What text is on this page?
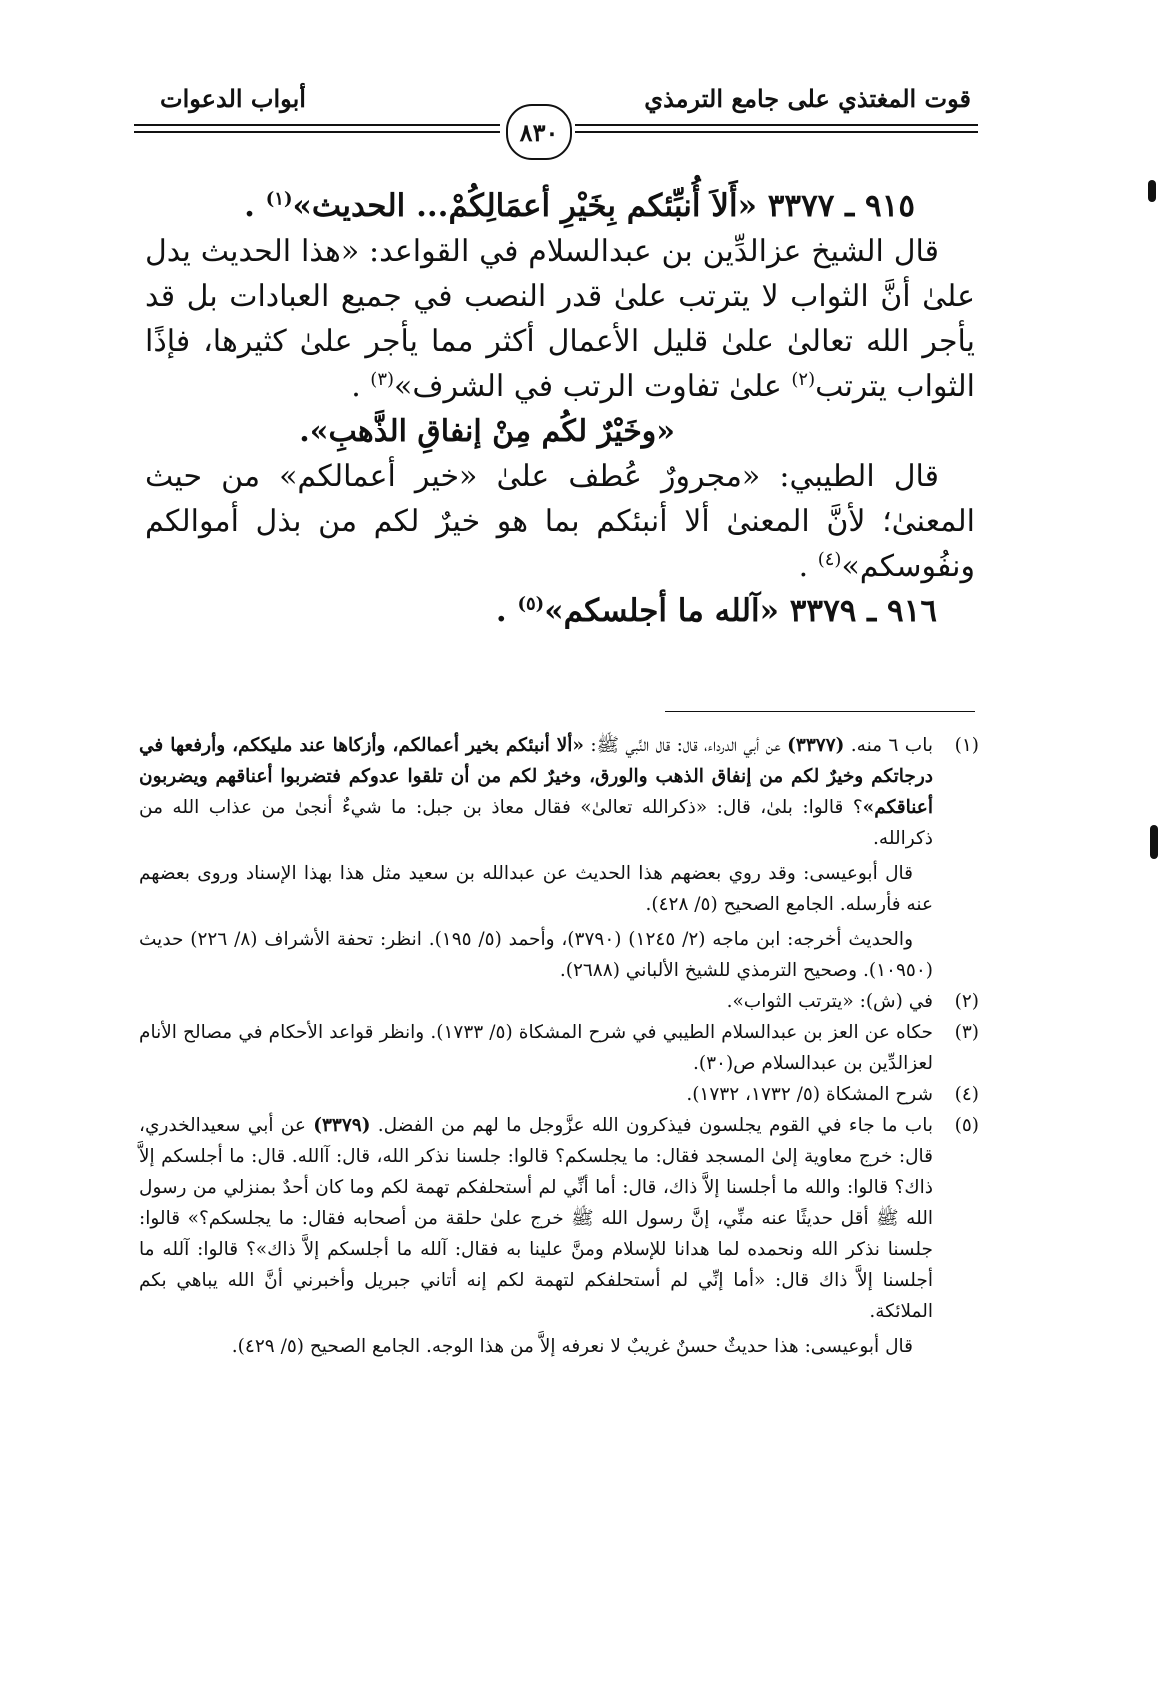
قوت المغتذي على جامع الترمذي
أبواب الدعوات
٨٣٠

٩١٥ ـ ٣٣٧٧ «أَلاَ أُنبِّئكم بِخَيْرِ أعمَالِكُمْ... الحديث»$^{(١)}$ .

قال الشيخ عزالدِّين بن عبدالسلام في القواعد: «هذا الحديث يدل علىٰ أنَّ الثواب لا يترتب علىٰ قدر النصب في جميع العبادات بل قد يأجر الله تعالىٰ علىٰ قليل الأعمال أكثر مما يأجر علىٰ كثيرها، فإذًا الثواب يترتب$^{(٢)}$ علىٰ تفاوت الرتب في الشرف»$^{(٣)}$ .

«وخَيْرٌ لكُم مِنْ إنفاقِ الذَّهبِ».

قال الطيبي: «مجرورٌ عُطف علىٰ «خير أعمالكم» من حيث المعنىٰ؛ لأنَّ المعنىٰ ألا أنبئكم بما هو خيرٌ لكم من بذل أموالكم ونفُوسكم»$^{(٤)}$ .

٩١٦ ـ ٣٣٧٩ «آلله ما أجلسكم»$^{(٥)}$ .

(١)

باب ٦ منه. (٣٣٧٧) عن أبي الدرداء، قال: قال النَّبي ﷺ: «ألا أنبئكم بخير أعمالكم، وأزكاها عند مليككم، وأرفعها في درجاتكم وخيرٌ لكم من إنفاق الذهب والورق، وخيرٌ لكم من أن تلقوا عدوكم فتضربوا أعناقهم ويضربون أعناقكم»؟ قالوا: بلىٰ، قال: «ذكرالله تعالىٰ» فقال معاذ بن جبل: ما شيءٌ أنجىٰ من عذاب الله من ذكرالله.

قال أبوعيسى: وقد روي بعضهم هذا الحديث عن عبدالله بن سعيد مثل هذا بهذا الإسناد وروى بعضهم عنه فأرسله. الجامع الصحيح (٥/ ٤٢٨).

والحديث أخرجه: ابن ماجه (٢/ ١٢٤٥) (٣٧٩٠)، وأحمد (٥/ ١٩٥). انظر: تحفة الأشراف (٨/ ٢٢٦) حديث (١٠٩٥٠). وصحيح الترمذي للشيخ الألباني (٢٦٨٨).

(٢)
في (ش): «يترتب الثواب».
(٣)
حكاه عن العز بن عبدالسلام الطيبي في شرح المشكاة (٥/ ١٧٣٣). وانظر قواعد الأحكام في مصالح الأنام لعزالدِّين بن عبدالسلام ص(٣٠).
(٤)
شرح المشكاة (٥/ ١٧٣٢، ١٧٣٢).
(٥)

باب ما جاء في القوم يجلسون فيذكرون الله عزَّوجل ما لهم من الفضل. (٣٣٧٩) عن أبي سعيدالخدري، قال: خرج معاوية إلىٰ المسجد فقال: ما يجلسكم؟ قالوا: جلسنا نذكر الله، قال: آالله. قال: ما أجلسكم إلاَّ ذاك؟ قالوا: والله ما أجلسنا إلاَّ ذاك، قال: أما أنِّي لم أستحلفكم تهمة لكم وما كان أحدٌ بمنزلي من رسول الله ﷺ أقل حديثًا عنه منِّي، إنَّ رسول الله ﷺ خرج علىٰ حلقة من أصحابه فقال: ما يجلسكم؟» قالوا: جلسنا نذكر الله ونحمده لما هدانا للإسلام ومنَّ علينا به فقال: آلله ما أجلسكم إلاَّ ذاك»؟ قالوا: آلله ما أجلسنا إلاَّ ذاك قال: «أما إنِّي لم أستحلفكم لتهمة لكم إنه أتاني جبريل وأخبرني أنَّ الله يباهي بكم الملائكة.

قال أبوعيسى: هذا حديثٌ حسنٌ غريبٌ لا نعرفه إلاَّ من هذا الوجه. الجامع الصحيح (٥/ ٤٢٩).
